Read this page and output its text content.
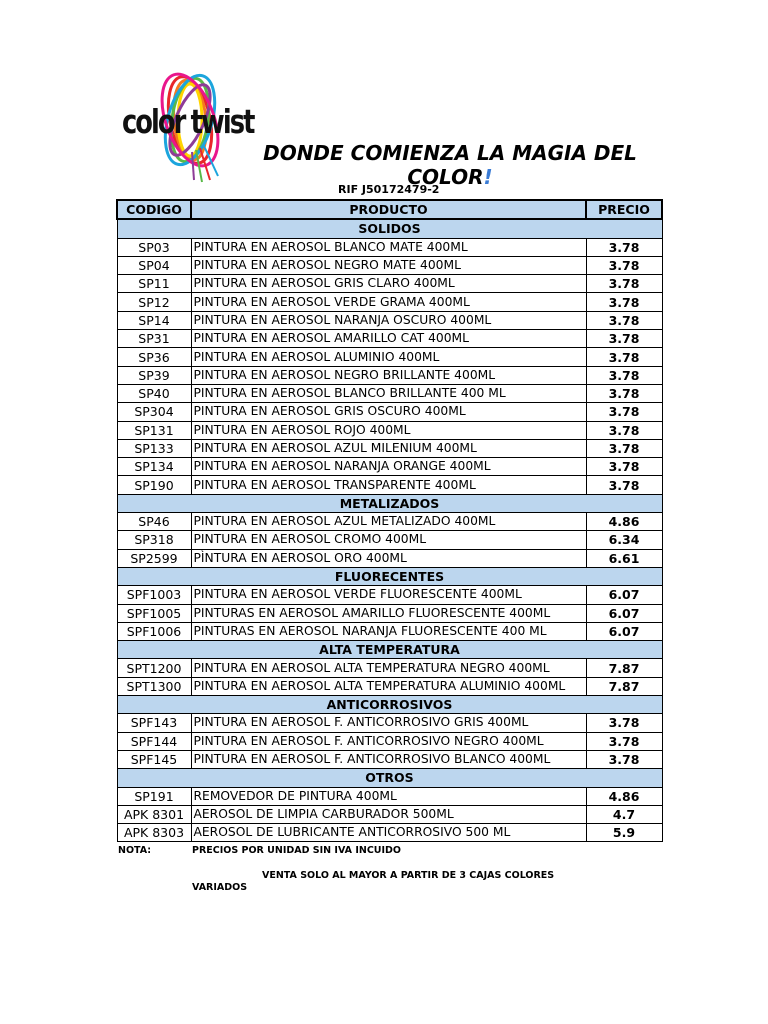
color twist
DONDE COMIENZA LA MAGIA DEL COLOR!
RIF J50172479-2
CODIGO	PRODUCTO	PRECIO
SOLIDOS		
SP03	PINTURA EN AEROSOL BLANCO MATE 400ML	3.78
SP04	PINTURA EN AEROSOL NEGRO MATE 400ML	3.78
SP11	PINTURA EN AEROSOL GRIS CLARO 400ML	3.78
SP12	PINTURA EN AEROSOL VERDE GRAMA 400ML	3.78
SP14	PINTURA EN AEROSOL NARANJA OSCURO 400ML	3.78
SP31	PINTURA EN AEROSOL AMARILLO CAT 400ML	3.78
SP36	PINTURA EN AEROSOL ALUMINIO 400ML	3.78
SP39	PINTURA EN AEROSOL NEGRO BRILLANTE 400ML	3.78
SP40	PINTURA EN AEROSOL BLANCO BRILLANTE 400 ML	3.78
SP304	PINTURA EN AEROSOL GRIS OSCURO 400ML	3.78
SP131	PINTURA EN AEROSOL ROJO 400ML	3.78
SP133	PINTURA EN AEROSOL AZUL MILENIUM 400ML	3.78
SP134	PINTURA EN AEROSOL NARANJA ORANGE 400ML	3.78
SP190	PINTURA EN AEROSOL TRANSPARENTE 400ML	3.78
METALIZADOS		
SP46	PINTURA EN AEROSOL AZUL METALIZADO 400ML	4.86
SP318	PINTURA EN AEROSOL CROMO 400ML	6.34
SP2599	PÌNTURA EN AEROSOL ORO 400ML	6.61
FLUORECENTES		
SPF1003	PINTURA EN AEROSOL VERDE FLUORESCENTE 400ML	6.07
SPF1005	PINTURAS EN AEROSOL AMARILLO FLUORESCENTE 400ML	6.07
SPF1006	PINTURAS EN AEROSOL NARANJA FLUORESCENTE 400 ML	6.07
ALTA TEMPERATURA		
SPT1200	PINTURA EN AEROSOL ALTA TEMPERATURA NEGRO 400ML	7.87
SPT1300	PINTURA EN AEROSOL ALTA TEMPERATURA ALUMINIO 400ML	7.87
ANTICORROSIVOS		
SPF143	PINTURA EN AEROSOL F. ANTICORROSIVO GRIS 400ML	3.78
SPF144	PINTURA EN AEROSOL F. ANTICORROSIVO NEGRO 400ML	3.78
SPF145	PINTURA EN AEROSOL F. ANTICORROSIVO BLANCO 400ML	3.78
OTROS		
SP191	REMOVEDOR DE PINTURA 400ML	4.86
APK 8301	AEROSOL DE LIMPIA CARBURADOR 500ML	4.7
APK 8303	AEROSOL DE LUBRICANTE ANTICORROSIVO 500 ML	5.9
NOTA:	PRECIOS POR UNIDAD SIN IVA INCUIDO
VENTA SOLO AL MAYOR A PARTIR DE 3 CAJAS COLORES
VARIADOS
